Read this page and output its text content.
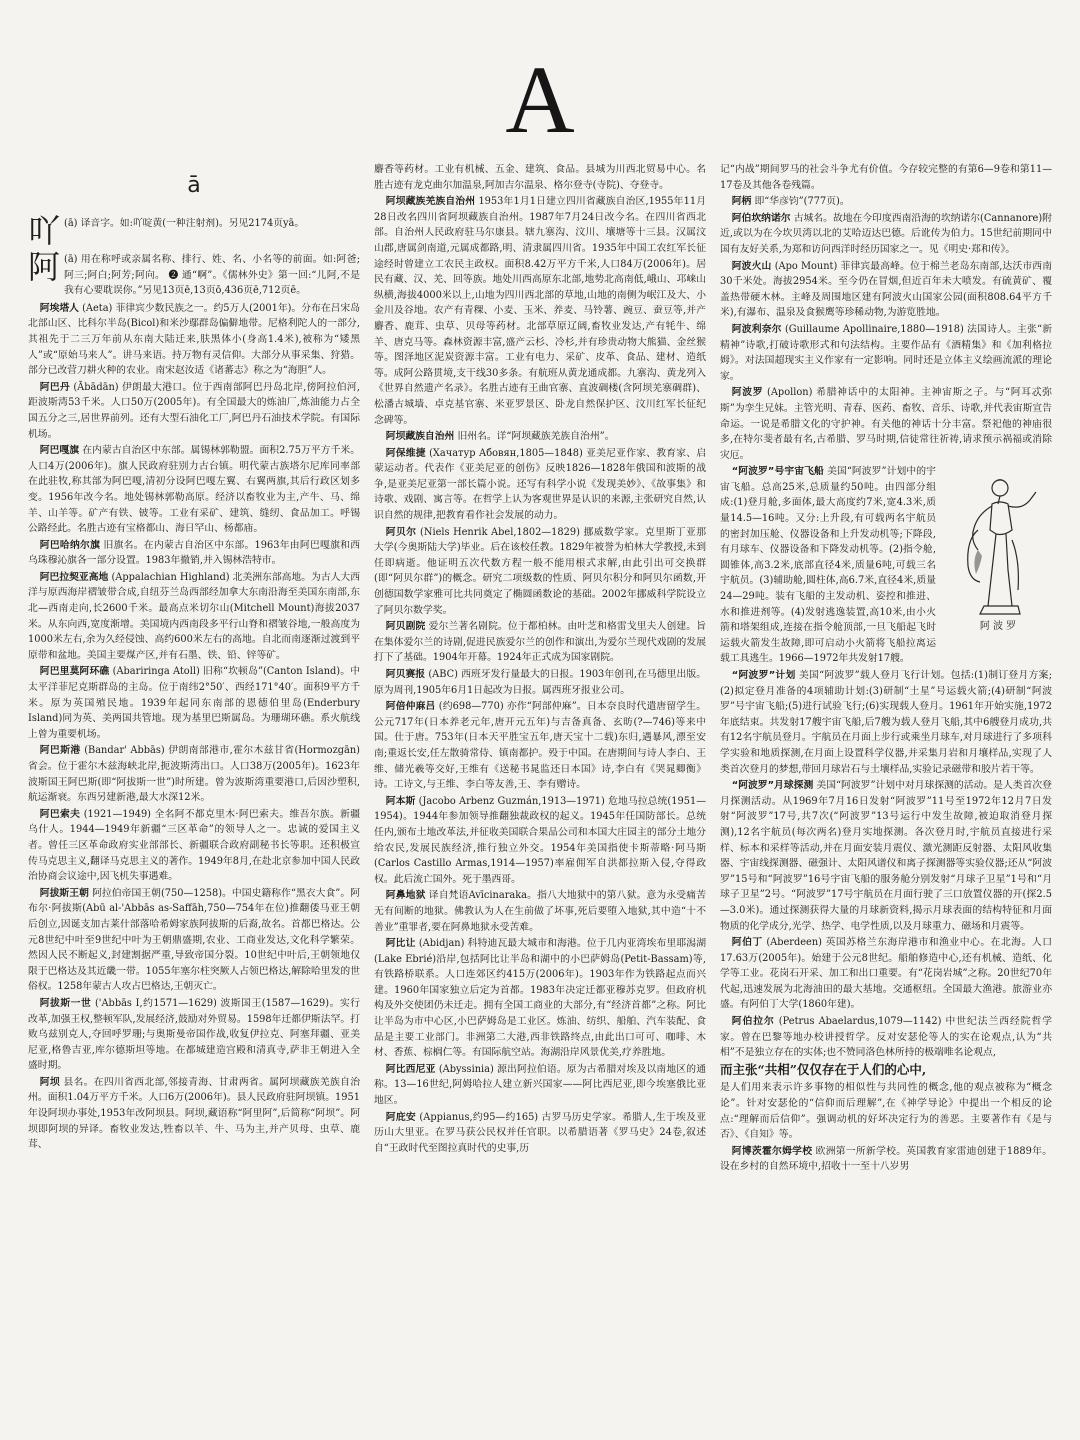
A
ā
吖 (ā) 译音字。如:吖啶黄(一种注射剂)。另见2174页yā。
阿 (ā) 用在称呼或亲属名称、排行、姓、名、小名等的前面。如:阿爸;阿三;阿白;阿芳;阿向。 ❷ 通“啊”。《儒林外史》第一回:“儿阿,不是我有心要耽误你。”另见13页ē,13页ō,436页ē,712页ē。

阿埃塔人 (Aeta) 菲律宾少数民族之一。约5万人(2001年)。分布在吕宋岛北部山区、比科尔半岛(Bicol)和米沙鄢群岛偏僻地带。尼格利陀人的一部分,其祖先于二三万年前从东南大陆迁来,肤黑体小(身高1.4米),被称为“矮黑人”或“原始马来人”。讲马来语。持万物有灵信仰。大部分从事采集、狩猎。部分已改营刀耕火种的农业。南宋赵汝适《诸蕃志》称之为“海胆”人。

阿巴丹 (Ābādān) 伊朗最大港口。位于西南部阿巴丹岛北岸,傍阿拉伯河,距波斯湾53千米。人口50万(2005年)。有全国最大的炼油厂,炼油能力占全国五分之三,居世界前列。还有大型石油化工厂,阿巴丹石油技术学院。有国际机场。

阿巴嘎旗 在内蒙古自治区中东部。属锡林郭勒盟。面积2.75万平方千米。人口4万(2006年)。旗人民政府驻别力古台镇。明代蒙古族塔尔尼库同率部在此驻牧,称其部为阿巴嘎,清初分设阿巴嘎左翼、右翼两旗,其后行政区划多变。1956年改今名。地处锡林郭勒高原。经济以畜牧业为主,产牛、马、绵羊、山羊等。矿产有铁、铍等。工业有采矿、建筑、缝纫、食品加工。呼锡公路经此。名胜古迹有宝格都山、海日罕山、杨都庙。

阿巴哈纳尔旗 旧旗名。在内蒙古自治区中东部。1963年由阿巴嘎旗和西乌珠穆沁旗各一部分设置。1983年撤销,并入锡林浩特市。

阿巴拉契亚高地 (Appalachian Highland) 北美洲东部高地。为古人大西洋与原西海岸褶皱带合成,自纽芬兰岛西部经加拿大东南沿海至美国东南部,东北—西南走向,长2600千米。最高点米切尔山(Mitchell Mount)海拔2037米。从东向西,宽度渐增。美国境内西南段多平行山脊和褶皱谷地,一般高度为1000米左右,余为久经侵蚀、高约600米左右的高地。自北而南逐渐过渡到平原带和盆地。美国主要煤产区,并有石墨、铁、铅、锌等矿。

阿巴里莫阿环礁 (Abariringa Atoll) 旧称“坎顿岛”(Canton Island)。中太平洋菲尼克斯群岛的主岛。位于南纬2°50′、西经171°40′。面积9平方千米。原为英国殖民地。1939年起同东南部的恩德伯里岛(Enderbury Island)同为英、美两国共管地。现为基里巴斯属岛。为珊瑚环礁。系火航线上曾为重要机场。

阿巴斯港 (Bandar' Abbās) 伊朗南部港市,霍尔木兹甘省(Hormozgān)省会。位于霍尔木兹海峡北岸,扼波斯湾出口。人口38万(2005年)。1623年波斯国王阿巴斯(即“阿拔斯一世”)时所建。曾为波斯湾重要港口,后因沙塑积,航运渐衰。东西另建新港,最大水深12米。

阿巴索夫 (1921—1949) 全名阿不都克里木·阿巴索夫。维吾尔族。新疆乌什人。1944—1949年新疆“三区革命”的领导人之一。忠诚的爱国主义者。曾任三区革命政府实业部部长、新疆联合政府副秘书长等职。还积极宣传马克思主义,翻译马克思主义的著作。1949年8月,在赴北京参加中国人民政治协商会议途中,因飞机失事遇难。

阿拔斯王朝 阿拉伯帝国王朝(750—1258)。中国史籍称作“黑衣大食”。阿布尔·阿拔斯(Abū al-'Abbās as-Saffāh,750—754年在位)推翻倭马亚王朝后创立,因诞支加古莱什部落哈希姆家族阿拔斯的后裔,故名。首都巴格达。公元8世纪中叶至9世纪中叶为王朝鼎盛期,农业、工商业发达,文化科学繁荣。然因人民不断起义,封建割据严重,导致帝国分裂。10世纪中叶后,王朝领地仅限于巴格达及其近畿一带。1055年塞尔柱突厥人占领巴格达,解除哈里发的世俗权。1258年蒙古人攻占巴格达,王朝灭亡。

阿拔斯一世 ('Abbās I,约1571—1629) 波斯国王(1587—1629)。实行改革,加强王权,整顿军队,发展经济,鼓励对外贸易。1598年迁都伊斯法罕。打败乌兹别克人,夺回呼罗珊;与奥斯曼帝国作战,收复伊拉克、阿塞拜疆、亚美尼亚,格鲁吉亚,库尔德斯坦等地。在都城建造宫殿和清真寺,萨非王朝进入全盛时期。

阿坝 县名。在四川省西北部,邻接青海、甘肃两省。属阿坝藏族羌族自治州。面积1.04万平方千米。人口6万(2006年)。县人民政府驻阿坝镇。1951年设阿坝办事处,1953年改阿坝县。阿坝,藏语称“阿里阿”,后简称“阿坝”。阿坝即阿坝的异译。畜牧业发达,牲畜以羊、牛、马为主,并产贝母、虫草、鹿茸、

麝香等药材。工业有机械、五金、建筑、食品。县城为川西北贸易中心。名胜古迹有龙克曲尔加温泉,阿加吉尔温泉、格尔登寺(寺院)、夺登寺。

阿坝藏族羌族自治州 1953年1月1日建立四川省藏族自治区,1955年11月28日改名四川省阿坝藏族自治州。1987年7月24日改今名。在四川省西北部。自治州人民政府驻马尔康县。辖九寨沟、汶川、壤塘等十三县。汉属汶山郡,唐属剑南道,元属成都路,明、清隶属四川省。1935年中国工农红军长征途经时曾建立工农民主政权。面积8.42万平方千米,人口84万(2006年)。居民有藏、汉、羌、回等族。地处川西高原东北部,地势北高南低,峨山、邛崃山纵横,海拔4000米以上,山地为四川西北部的草地,山地的南侧为岷江及大、小金川及谷地。农产有青稞、小麦、玉米、养麦、马铃薯、豌豆、蚕豆等,并产麝香、鹿茸、虫草、贝母等药材。北部草原辽阔,畜牧业发达,产有牦牛、绵羊、唐克马等。森林资源丰富,盛产云杉、冷杉,并有珍贵动物大熊猫、金丝猴等。图泽地区泥炭资源丰富。工业有电力、采矿、皮革、食品、建材、造纸等。成阿公路贯境,支干线30多条。有航班从黄龙通成都。九寨沟、黄龙列入《世界自然遗产名录》。名胜古迹有王曲官寨、直波碉楼(含阿坝羌寨碉群)、松潘古城墙、卓克基官寨、米亚罗景区、卧龙自然保护区、汶川红军长征纪念碑等。

阿坝藏族自治州 旧州名。详“阿坝藏族羌族自治州”。

阿保维捷 (Хачатур Абовян,1805—1848) 亚美尼亚作家、教育家、启蒙运动者。代表作《亚美尼亚的创伤》反映1826—1828年俄国和波斯的战争,是亚美尼亚第一部长篇小说。还写有科学小说《发现美妙》、《故事集》和诗歌、戏剧、寓言等。在哲学上认为客观世界是认识的来源,主张研究自然,认识自然的规律,把教育看作社会发展的动力。

阿贝尔 (Niels Henrik Abel,1802—1829) 挪威数学家。克里斯丁亚那大学(今奥斯陆大学)毕业。后在该校任教。1829年被誉为柏林大学教授,未到任即病逝。他证明五次代数方程一般不能用根式求解,由此引出可交换群(即“阿贝尔群”)的概念。研究二项级数的性质、阿贝尔积分和阿贝尔函数,开创德国数学家雅可比共同奠定了椭圆函数论的基础。2002年挪威科学院设立了阿贝尔数学奖。

阿贝剧院 爱尔兰著名剧院。位于都柏林。由叶芝和格雷戈里夫人创建。旨在集体爱尔兰的诗剧,促进民族爱尔兰的创作和演出,为爱尔兰现代戏剧的发展打下了基础。1904年开幕。1924年正式成为国家剧院。

阿贝赛报 (ABC) 西班牙发行量最大的日报。1903年创刊,在马德里出版。原为周刊,1905年6月1日起改为日报。属西班牙报业公司。

阿倍仲麻吕 (约698—770) 亦作“阿部仲麻”。日本奈良时代遣唐留学生。公元717年(日本养老元年,唐开元五年)与吉备真备、玄昉(?—746)等来中国。仕于唐。753年(日本天平胜宝五年,唐天宝十二载)东归,遇暴风,漂至安南;重返长安,任左散骑常侍、镇南都护。殁于中国。在唐期间与诗人李白、王维、储光羲等交好,王维有《送秘书晁监还日本国》诗,李白有《哭晁卿衡》诗。工诗文,与王维、李白等友善,王、李有赠诗。

阿本斯 (Jacobo Arbenz Guzmán,1913—1971) 危地马拉总统(1951—1954)。1944年参加领导推翻独裁政权的起义。1945年任国防部长。总统任内,颁布土地改革法,并征收美国联合果品公司和本国大庄园主的部分土地分给农民,发展民族经济,推行独立外交。1954年美国指使卡斯蒂略·阿马斯(Carlos Castillo Armas,1914—1957)率雇佣军自洪都拉斯入侵,夺得政权。此后流亡国外。死于墨西哥。

阿鼻地狱 译自梵语Avīcinaraka。指八大地狱中的第八狱。意为永受痛苦无有间断的地狱。佛教认为人在生前做了坏事,死后要堕入地狱,其中造“十不善业”重罪者,要在阿鼻地狱永受苦难。

阿比让 (Abidjan) 科特迪瓦最大城市和海港。位于几内亚湾埃布里耶潟湖(Lake Ebrié)沿岸,包括阿比让半岛和湖中的小巴萨姆岛(Petit-Bassam)等,有铁路桥联系。人口连郊区约415万(2006年)。1903年作为铁路起点而兴建。1960年国家独立后定为首都。1983年决定迁都亚穆苏克罗。但政府机构及外交使团仍未迁走。拥有全国工商业的大部分,有“经济首都”之称。阿比让半岛为市中心区,小巴萨姆岛是工业区。炼油、纺织、船舶、汽车装配、食品是主要工业部门。非洲第二大港,西非铁路终点,由此出口可可、咖啡、木材、香蕉、棕榈仁等。有国际航空站。海湖沿岸风景优美,疗养胜地。

阿比西尼亚 (Abyssinia) 源出阿拉伯语。原为古希腊对埃及以南地区的通称。13—16世纪,阿姆哈拉人建立新兴国家——阿比西尼亚,即今埃塞俄比亚地区。

阿庇安 (Appianus,约95—约165) 古罗马历史学家。希腊人,生于埃及亚历山大里亚。在罗马获公民权并任官职。以希腊语著《罗马史》24卷,叙述自“王政时代至图拉真时代的史事,历

记“内战”期间罗马的社会斗争尤有价值。今存较完整的有第6—9卷和第11—17卷及其他各卷残篇。

阿柄 即“华彦钧”(777页)。

阿伯坎纳诺尔 古城名。故地在今印度西南沿海的坎纳诺尔(Cannanore)附近,或以为在今坎贝湾以北的艾哈迈达巴德。后讹传为伯力。15世纪前期同中国有友好关系,为郑和访问西洋时经历国家之一。见《明史·郑和传》。

阿波火山 (Apo Mount) 菲律宾最高峰。位于棉兰老岛东南部,达沃市西南30千米处。海拔2954米。至今仍在冒烟,但近百年未大喷发。有硫黄矿、覆盖热带硬木林。主峰及周围地区建有阿波火山国家公园(面积808.64平方千米),有瀑布、温泉及食猴鹰等珍稀动物,为游览胜地。

阿波利奈尔 (Guillaume Apollinaire,1880—1918) 法国诗人。主张“新精神”诗歌,打破诗歌形式和句法结构。主要作品有《酒精集》和《加利格拉姆》。对法国超现实主义作家有一定影响。同时还是立体主义绘画流派的理论家。

阿波罗 (Apollon) 希腊神话中的太阳神。主神宙斯之子。与“阿耳忒弥斯”为孪生兄妹。主管光明、青春、医药、畜牧、音乐、诗歌,并代表宙斯宣告命运。一说是希腊文化的守护神。有关他的神话十分丰富。祭祀他的神庙很多,在特尔斐者最有名,古希腊、罗马时期,信徒常往祈祷,请求预示祸福或消除灾厄。

阿 波 罗

“阿波罗”号宇宙飞船 美国“阿波罗”计划中的宇宙飞船。总高25米,总质量约50吨。由四部分组成:(1)登月舱,多面体,最大高度约7米,宽4.3米,质量14.5—16吨。又分:上升段,有可载两名宇航员的密封加压舱、仪器设备和上升发动机等;下降段,有月球车、仪器设备和下降发动机等。(2)指令舱,圆锥体,高3.2米,底部直径4米,质量6吨,可载三名宇航员。(3)辅助舱,圆柱体,高6.7米,直径4米,质量24—29吨。装有飞船的主发动机、姿控和推进、水和推进剂等。(4)发射逃逸装置,高10米,由小火箭和塔架组成,连接在指令舱顶部,一旦飞船起飞时运载火箭发生故障,即可启动小火箭将飞船拉离运载工具逃生。1966—1972年共发射17艘。

“阿波罗”计划 美国“阿波罗”载人登月飞行计划。包括:(1)制订登月方案;(2)拟定登月准备的4项辅助计划:(3)研制“土星”号运载火箭;(4)研制“阿波罗”号宇宙飞船;(5)进行试验飞行;(6)实现载人登月。1961年开始实施,1972年底结束。共发射17艘宇宙飞船,后7艘为载人登月飞船,其中6艘登月成功,共有12名宇航员登月。宇航员在月面上步行或乘坐月球车,对月球进行了多项科学实验和地质探测,在月面上设置科学仪器,并采集月岩和月壤样品,实现了人类首次登月的梦想,带回月球岩石与土壤样品,实验记录磁带和胶片若干等。

“阿波罗”月球探测 美国“阿波罗”计划中对月球探测的活动。是人类首次登月探测活动。从1969年7月16日发射“阿波罗”11号至1972年12月7日发射“阿波罗”17号,共7次(“阿波罗”13号运行中发生故障,被迫取消登月探测),12名宇航员(每次两名)登月实地探测。各次登月时,宇航员直接进行采样、标本和采样等活动,并在月面安装月震仪、激光测距反射器、太阳风收集器、宇宙线探测器、磁强计、太阳风谱仪和离子探测器等实验仪器;还从“阿波罗”15号和“阿波罗”16号宇宙飞船的服务舱分别发射“月球子卫星”1号和“月球子卫星”2号。“阿波罗”17号宇航员在月面行驶了三口放置仪器的开(探2.5—3.0米)。通过探测获得大量的月球新资料,揭示月球表面的结构特征和月面物质的化学成分,光学、热学、电学性质,以及月球重力、磁场和月震等。

阿伯丁 (Aberdeen) 英国苏格兰东海岸港市和渔业中心。在北海。人口17.63万(2005年)。始建于公元8世纪。船舶修造中心,还有机械、造纸、化学等工业。花岗石开采、加工和出口重要。有“花岗岩城”之称。20世纪70年代起,迅速发展为北海油田的最大基地。交通枢纽。全国最大渔港。旅游业亦盛。有阿伯丁大学(1860年建)。

阿伯拉尔 (Petrus Abaelardus,1079—1142) 中世纪法兰西经院哲学家。曾在巴黎等地办校讲授哲学。反对安瑟伦等人的实在论观点,认为“共相”不是独立存在的实体;也不赞同洛色林所持的极端唯名论观点,

而主张“共相”仅仅存在于人们的心中,

是人们用来表示许多事物的相似性与共同性的概念,他的观点被称为“概念论”。针对安瑟伦的“信仰而后理解”,在《神学导论》中提出一个相反的论点:“理解而后信仰”。强调动机的好坏决定行为的善恶。主要著作有《是与否》、《自知》等。

阿博茨霍尔姆学校 欧洲第一所新学校。英国教育家雷迪创建于1889年。设在乡村的自然环境中,招收十一至十八岁男
